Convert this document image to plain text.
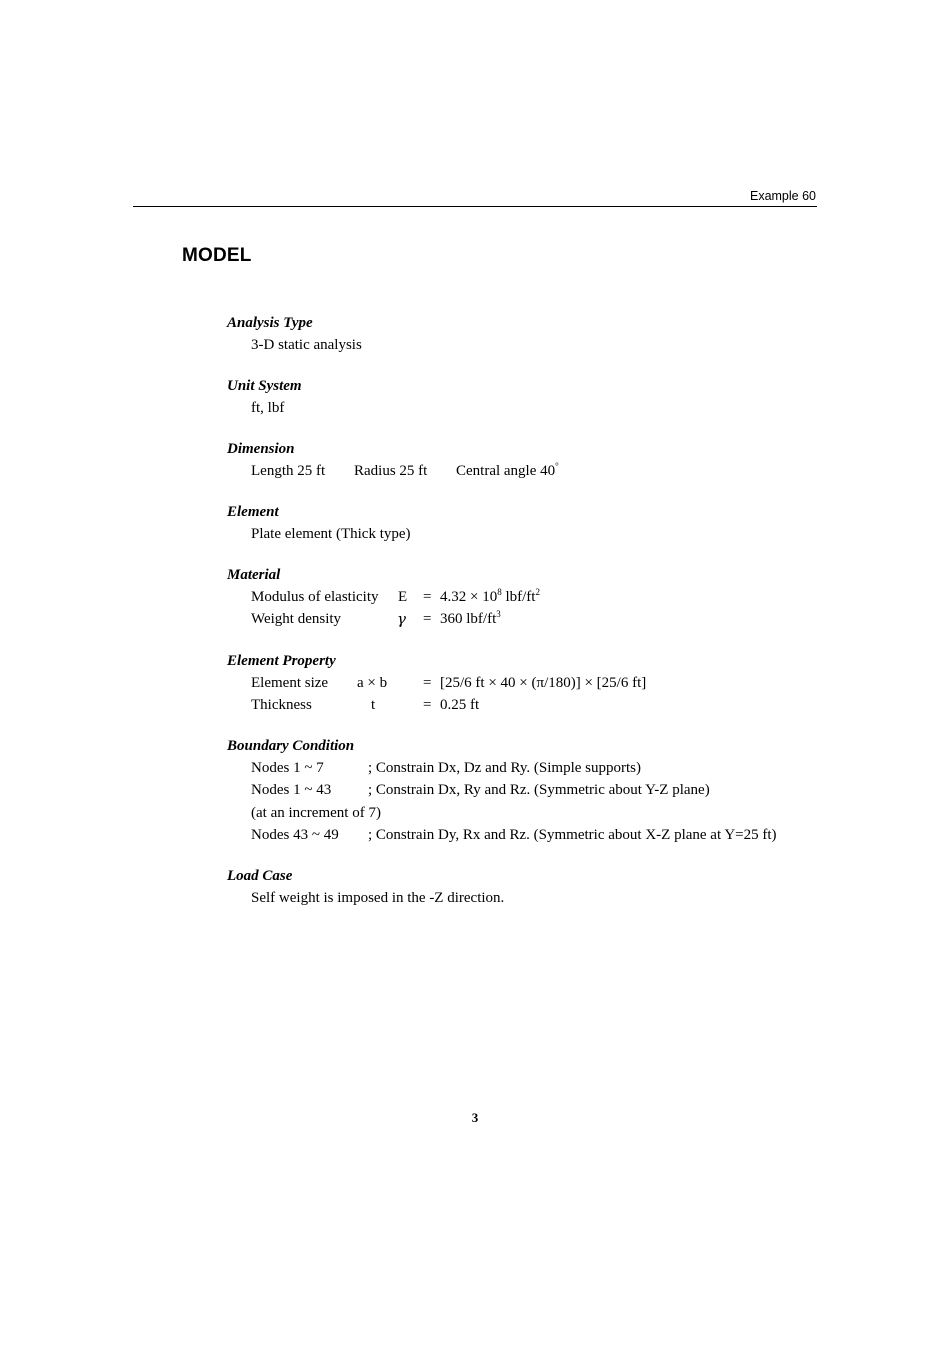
Example 60
MODEL
Analysis Type
3-D static analysis
Unit System
ft, lbf
Dimension
Length 25 ft Radius 25 ft Central angle 40°
Element
Plate element (Thick type)
Material
Modulus of elasticity $E = 4.32 \times 10^8$ lbf/$ft^2$
Weight density	γ = 360 lbf/$ft^3$
Element Property
Element size a × b = [25/6 ft × 40 × (π/180)] × [25/6 ft]
Thickness	t	= 0.25 ft
Boundary Condition
Nodes 1 ~ 7	; Constrain Dx, Dz and Ry. (Simple supports)
Nodes 1 ~ 43 ; Constrain Dx, Ry and Rz. (Symmetric about Y-Z plane)
(at an increment of 7)
Nodes 43 ~ 49 ; Constrain Dy, Rx and Rz. (Symmetric about X-Z plane at Y=25 ft)
Load Case
Self weight is imposed in the -Z direction.
3
